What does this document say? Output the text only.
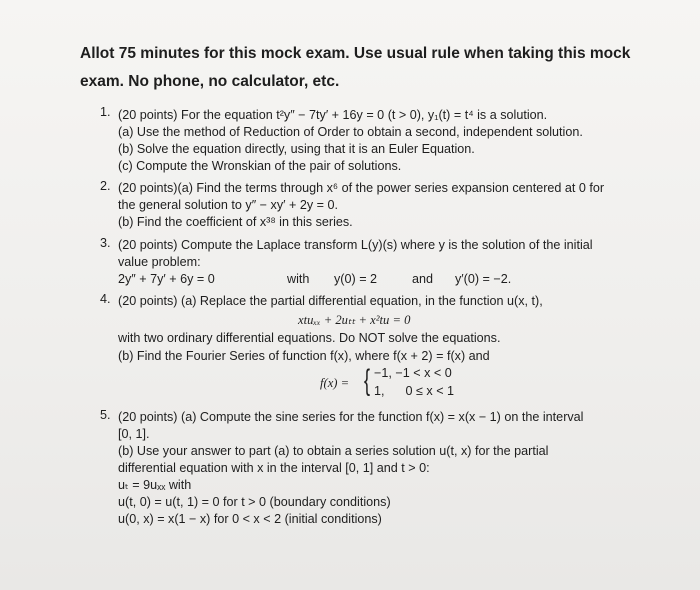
Allot 75 minutes for this mock exam. Use usual rule when taking this mock
exam. No phone, no calculator, etc.
1. (20 points) For the equation t²y″ − 7ty′ + 16y = 0 (t > 0), y₁(t) = t⁴ is a solution.
(a) Use the method of Reduction of Order to obtain a second, independent solution.
(b) Solve the equation directly, using that it is an Euler Equation.
(c) Compute the Wronskian of the pair of solutions.
2. (20 points)(a) Find the terms through x⁶ of the power series expansion centered at 0 for
the general solution to y″ − xy′ + 2y = 0.
(b) Find the coefficient of x³⁸ in this series.
3. (20 points) Compute the Laplace transform L(y)(s) where y is the solution of the initial
value problem:
2y″ + 7y′ + 6y = 0	with y(0) = 2	and y′(0) = −2.
4. (20 points) (a) Replace the partial differential equation, in the function u(x, t),
xtuₓₓ + 2uₜₜ + x²tu = 0
with two ordinary differential equations. Do NOT solve the equations.
(b) Find the Fourier Series of function f(x), where f(x + 2) = f(x) and
f(x) = { −1, −1 < x < 0
1,      0 ≤ x < 1
5. (20 points) (a) Compute the sine series for the function f(x) = x(x − 1) on the interval
[0, 1].
(b) Use your answer to part (a) to obtain a series solution u(t, x) for the partial
differential equation with x in the interval [0, 1] and t > 0:
uₜ = 9uₓₓ with
u(t, 0) = u(t, 1) = 0 for t > 0 (boundary conditions)
u(0, x) = x(1 − x) for 0 < x < 2 (initial conditions)
